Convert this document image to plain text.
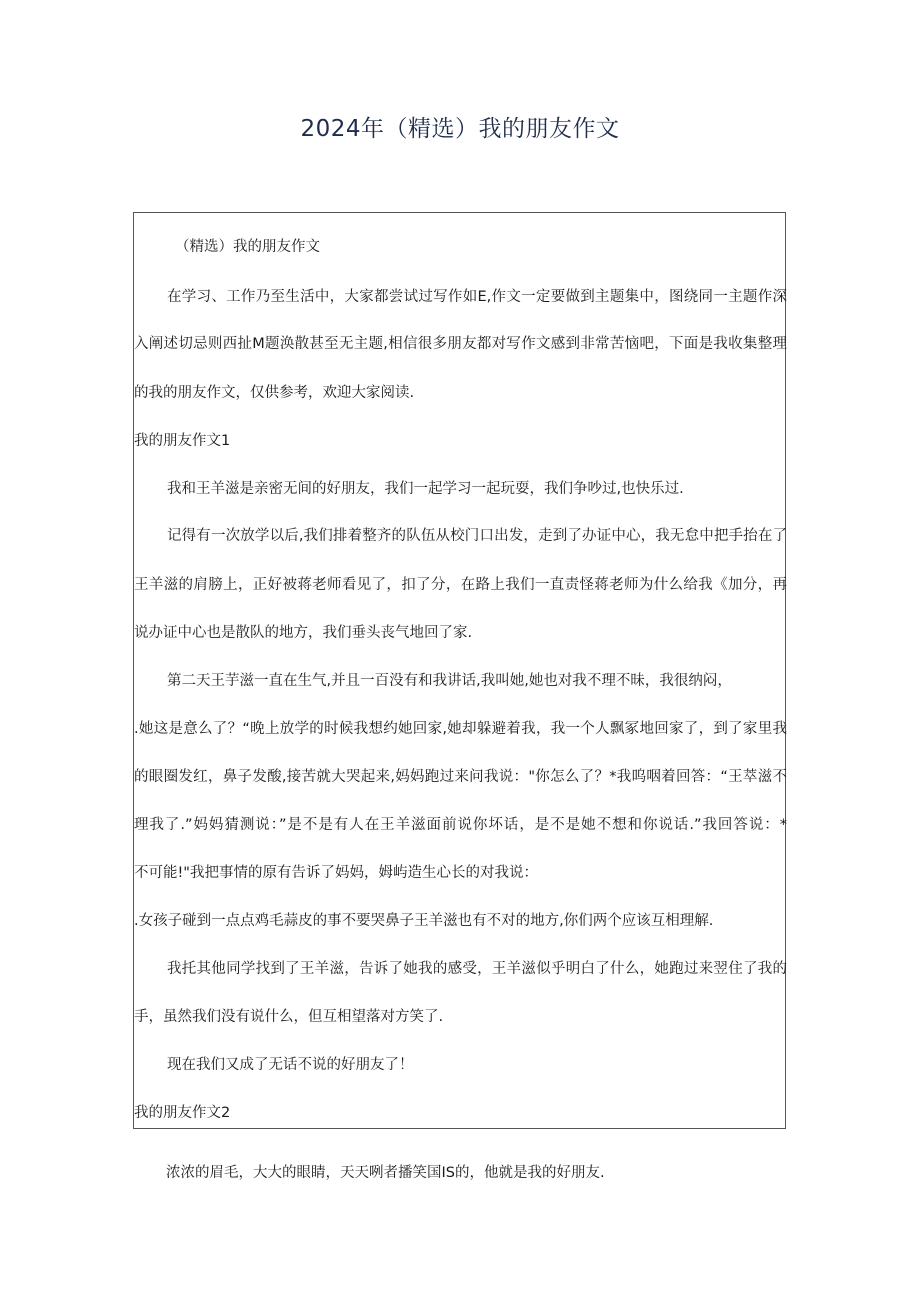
2024年（精选）我的朋友作文
（精选）我的朋友作文
在学习、工作乃至生活中，大家都尝试过写作如E,作文一定要做到主题集中，图绕同一主题作深
入阐述切忌则西扯M题涣散甚至无主题,相信很多朋友都对写作文感到非常苦恼吧，下面是我收集整理
的我的朋友作文，仅供参考，欢迎大家阅读.
我的朋友作文1
我和王羊滋是亲密无间的好朋友，我们一起学习一起玩耍，我们争吵过,也快乐过.
记得有一次放学以后,我们排着整齐的队伍从校门口出发，走到了办证中心，我无怠中把手抬在了
王羊滋的肩膀上，正好被蒋老师看见了，扣了分，在路上我们一直责怪蒋老师为什么给我《加分，再
说办证中心也是散队的地方，我们垂头丧气地回了家.
第二天王芋滋一直在生气,并且一百没有和我讲话,我叫她,她也对我不理不昧，我很纳闷，
.她这是意么了？“晚上放学的时候我想约她回家,她却躲避着我，我一个人飘冢地回家了，到了家里我
的眼圈发红，鼻子发酸,接苦就大哭起来,妈妈跑过来问我说："你怎么了？*我呜咽着回答：“王萃滋不
理我了.”妈妈猜测说：”是不是有人在王羊滋面前说你坏话，是不是她不想和你说话.”我回答说：*
不可能!"我把事情的原有告诉了妈妈，姆屿造生心长的对我说：
.女孩子碰到一点点鸡毛蒜皮的事不要哭鼻子王羊滋也有不对的地方,你们两个应该互相理解.
我托其他同学找到了王羊滋，告诉了她我的感受，王羊滋似乎明白了什么，她跑过来翌住了我的
手，虽然我们没有说什么，但互相望落对方笑了.
现在我们又成了无话不说的好朋友了！
我的朋友作文2
浓浓的眉毛，大大的眼睛，天天咧者播笑国IS的，他就是我的好朋友.
